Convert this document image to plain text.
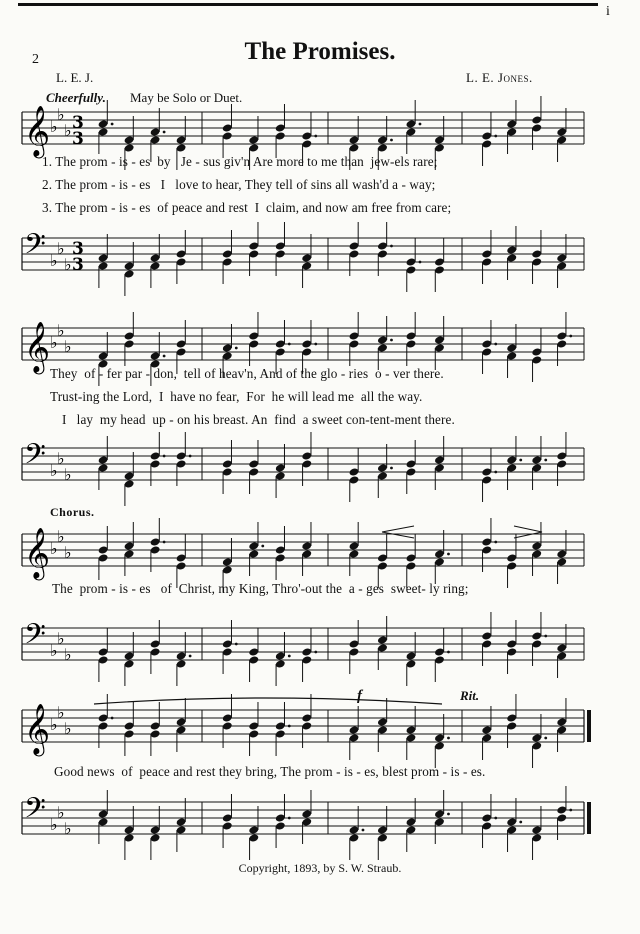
2
i
The Promises.
L. E. J.	L. E. Jones.
Cheerfully. May be Solo or Duet.
𝄞 ♭
♭
♭ 3
3
1. The prom - is - es  by   Je - sus giv'n Are more to me than  jew-els rare;
2. The prom - is - es   I   love to hear, They tell of sins all wash'd a - way;
3. The prom - is - es  of peace and rest  I  claim, and now am free from care;
𝄢 ♭
♭
♭
3
3
𝄞 ♭
♭
♭
They  of - fer par - don,  tell of heav'n, And of the glo - ries  o - ver there.
Trust-ing the Lord,  I  have no fear,  For  he will lead me  all the way.
I   lay  my head  up - on his breast. An  find  a sweet con-tent-ment there.
𝄢 ♭
♭
♭
Chorus.
𝄞 ♭
♭
♭
The  prom - is - es   of  Christ, my King, Thro'-out the  a - ges  sweet- ly ring;
𝄢 ♭
♭
♭
f	Rit.
𝄞 ♭
♭
♭
Good news  of  peace and rest they bring, The prom - is - es, blest prom - is - es.
𝄢 ♭
♭
♭
Copyright, 1893, by S. W. Straub.
